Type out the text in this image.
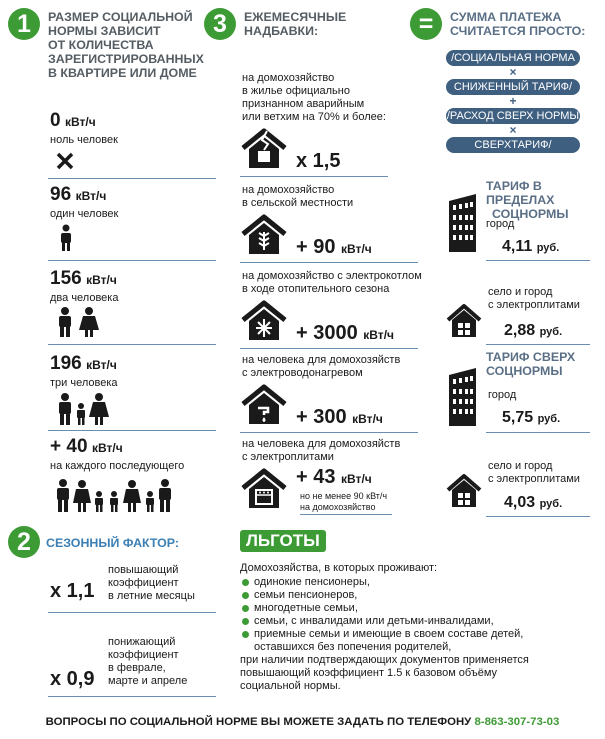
1	РАЗМЕР СОЦИАЛЬНОЙ
НОРМЫ ЗАВИСИТ
ОТ КОЛИЧЕСТВА
ЗАРЕГИСТРИРОВАННЫХ
В КВАРТИРЕ ИЛИ ДОМЕ
0 кВт/ч
ноль человек
96 кВт/ч
один человек
156 кВт/ч
два человека
196 кВт/ч
три человека
+ 40 кВт/ч
на каждого последующего
3	ЕЖЕМЕСЯЧНЫЕ
НАДБАВКИ:
на домохозяйство
в жилье официально
признанном аварийным
или ветхим на 70% и более:
х 1,5
на домохозяйство
в сельской местности
+ 90 кВт/ч
на домохозяйство с электрокотлом
в ходе отопительного сезона
+ 3000 кВт/ч
на человека для домохозяйств
с электроводонагревом
+ 300 кВт/ч
на человека для домохозяйств
с электроплитами
+ 43 кВт/ч
но не менее 90 кВт/ч
на домохозяйство
=	СУММА ПЛАТЕЖА
СЧИТАЕТСЯ ПРОСТО:
/СОЦИАЛЬНАЯ НОРМА
×
СНИЖЕННЫЙ ТАРИФ/
+
/РАСХОД СВЕРХ НОРМЫ
×
СВЕРХТАРИФ/
ТАРИФ В ПРЕДЕЛАХ
СОЦНОРМЫ
город
4,11 руб.
село и город
с электроплитами
2,88 руб.
ТАРИФ СВЕРХ
СОЦНОРМЫ
город
5,75 руб.
село и город
с электроплитами
4,03 руб.
2	СЕЗОННЫЙ ФАКТОР:
х 1,1
повышающий
коэффициент
в летние месяцы
х 0,9
понижающий
коэффициент
в феврале,
марте и апреле
ЛЬГОТЫ
Домохозяйства, в которых проживают:
одинокие пенсионеры,
семьи пенсионеров,
многодетные семьи,
семьи, с инвалидами или детьми-инвалидами,
приемные семьи и имеющие в своем составе детей,
оставшихся без попечения родителей,
при наличии подтверждающих документов применяется
повышающий коэффициент 1.5 к базовом объёму
социальной нормы.
ВОПРОСЫ ПО СОЦИАЛЬНОЙ НОРМЕ ВЫ МОЖЕТЕ ЗАДАТЬ ПО ТЕЛЕФОНУ 8-863-307-73-03
